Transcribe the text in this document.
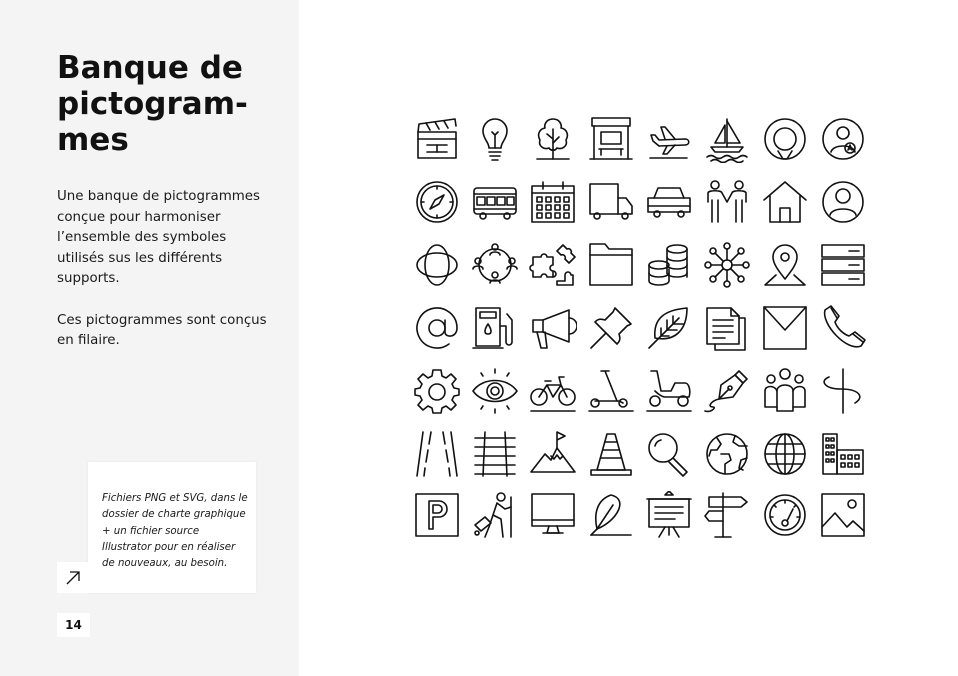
Banque de
pictogram-
mes

Une banque de pictogrammes conçue pour harmoniser l’ensemble des symboles utilisés sus les différents supports.

Ces pictogrammes sont conçus en filaire.

Fichiers PNG et SVG, dans le dossier de charte graphique + un fichier source Illustrator pour en réaliser de nouveaux, au besoin.

14
